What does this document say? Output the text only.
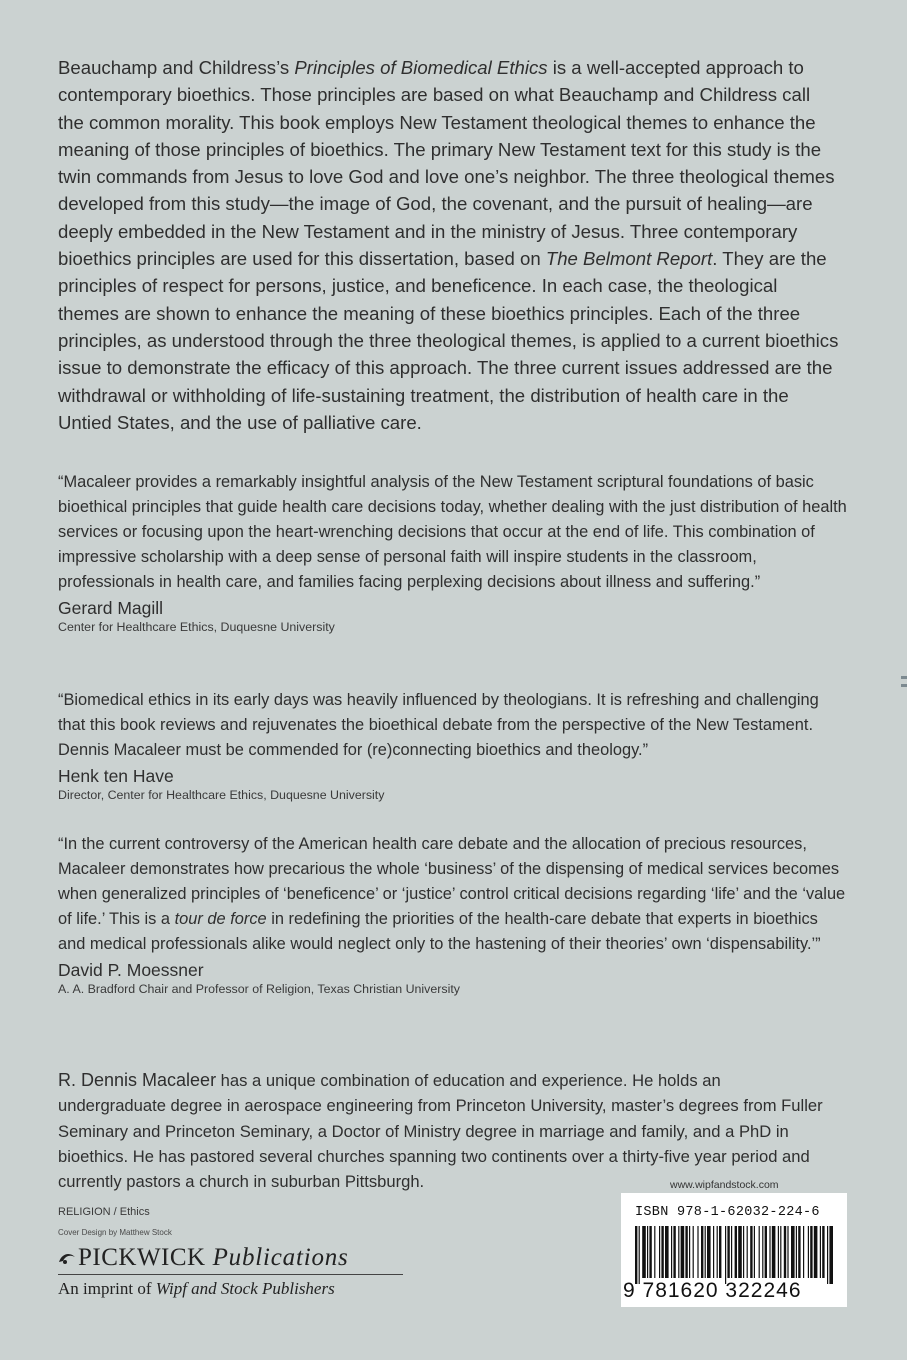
Beauchamp and Childress’s Principles of Biomedical Ethics is a well-accepted approach to contemporary bioethics. Those principles are based on what Beauchamp and Childress call the common morality. This book employs New Testament theological themes to enhance the meaning of those principles of bioethics. The primary New Testament text for this study is the twin commands from Jesus to love God and love one’s neighbor. The three theological themes developed from this study—the image of God, the covenant, and the pursuit of healing—are deeply embedded in the New Testament and in the ministry of Jesus. Three contemporary bioethics principles are used for this dissertation, based on The Belmont Report. They are the principles of respect for persons, justice, and beneficence. In each case, the theological themes are shown to enhance the meaning of these bioethics principles. Each of the three principles, as understood through the three theological themes, is applied to a current bioethics issue to demonstrate the efficacy of this approach. The three current issues addressed are the withdrawal or withholding of life-sustaining treatment, the distribution of health care in the Untied States, and the use of palliative care.
“Macaleer provides a remarkably insightful analysis of the New Testament scriptural foundations of basic bioethical principles that guide health care decisions today, whether dealing with the just distribution of health services or focusing upon the heart-wrenching decisions that occur at the end of life. This combination of impressive scholarship with a deep sense of personal faith will inspire students in the classroom, professionals in health care, and families facing perplexing decisions about illness and suffering.”
Gerard Magill
Center for Healthcare Ethics, Duquesne University
“Biomedical ethics in its early days was heavily influenced by theologians. It is refreshing and challenging that this book reviews and rejuvenates the bioethical debate from the perspective of the New Testament. Dennis Macaleer must be commended for (re)connecting bioethics and theology.”
Henk ten Have
Director, Center for Healthcare Ethics, Duquesne University
“In the current controversy of the American health care debate and the allocation of precious resources, Macaleer demonstrates how precarious the whole ‘business’ of the dispensing of medical services becomes when generalized principles of ‘beneficence’ or ‘justice’ control critical decisions regarding ‘life’ and the ‘value of life.’ This is a tour de force in redefining the priorities of the health-care debate that experts in bioethics and medical professionals alike would neglect only to the hastening of their theories’ own ‘dispensability.’”
David P. Moessner
A. A. Bradford Chair and Professor of Religion, Texas Christian University
R. Dennis Macaleer has a unique combination of education and experience. He holds an undergraduate degree in aerospace engineering from Princeton University, master’s degrees from Fuller Seminary and Princeton Seminary, a Doctor of Ministry degree in marriage and family, and a PhD in bioethics. He has pastored several churches spanning two continents over a thirty-five year period and currently pastors a church in suburban Pittsburgh.
RELIGION / Ethics
Cover Design by Matthew Stock
PICKWICK Publications
An imprint of Wipf and Stock Publishers
www.wipfandstock.com
ISBN 978-1-62032-224-6
9 781620 322246
